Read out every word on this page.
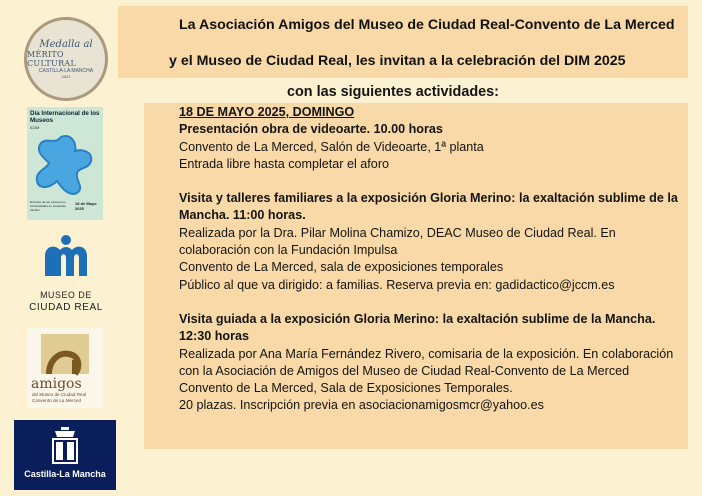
La Asociación Amigos del Museo de Ciudad Real-Convento de La Merced
y el Museo de Ciudad Real, les invitan a la celebración del DIM 2025
con las siguientes actividades:

18 DE MAYO 2025, DOMINGO

Presentación obra de videoarte. 10.00 horas

Convento de La Merced, Salón de Videoarte, 1ª planta

Entrada libre hasta completar el aforo

Visita y talleres familiares a la exposición Gloria Merino: la exaltación sublime de la Mancha. 11:00 horas.

Realizada por la Dra. Pilar Molina Chamizo, DEAC Museo de Ciudad Real. En colaboración con la Fundación Impulsa

Convento de La Merced, sala de exposiciones temporales

Público al que va dirigido: a familias. Reserva previa en: gadidactico@jccm.es

Visita guiada a la exposición Gloria Merino: la exaltación sublime de la Mancha. 12:30 horas

Realizada por Ana María Fernández Rivero, comisaria de la exposición. En colaboración con la Asociación de Amigos del Museo de Ciudad Real-Convento de La Merced

Convento de La Merced, Sala de Exposiciones Temporales.

20 plazas. Inscripción previa en asociacionamigosmcr@yahoo.es

Medalla al
MÉRITO CULTURAL
CASTILLA-LA MANCHA
2021
Día Internacional de los Museos
ICOM
El futuro de los museos en comunidades en constante cambio
18 de Mayo 2025
MUSEO DE
CIUDAD REAL
amigos
del Museo de Ciudad Real
Convento de La Merced
Castilla-La Mancha
